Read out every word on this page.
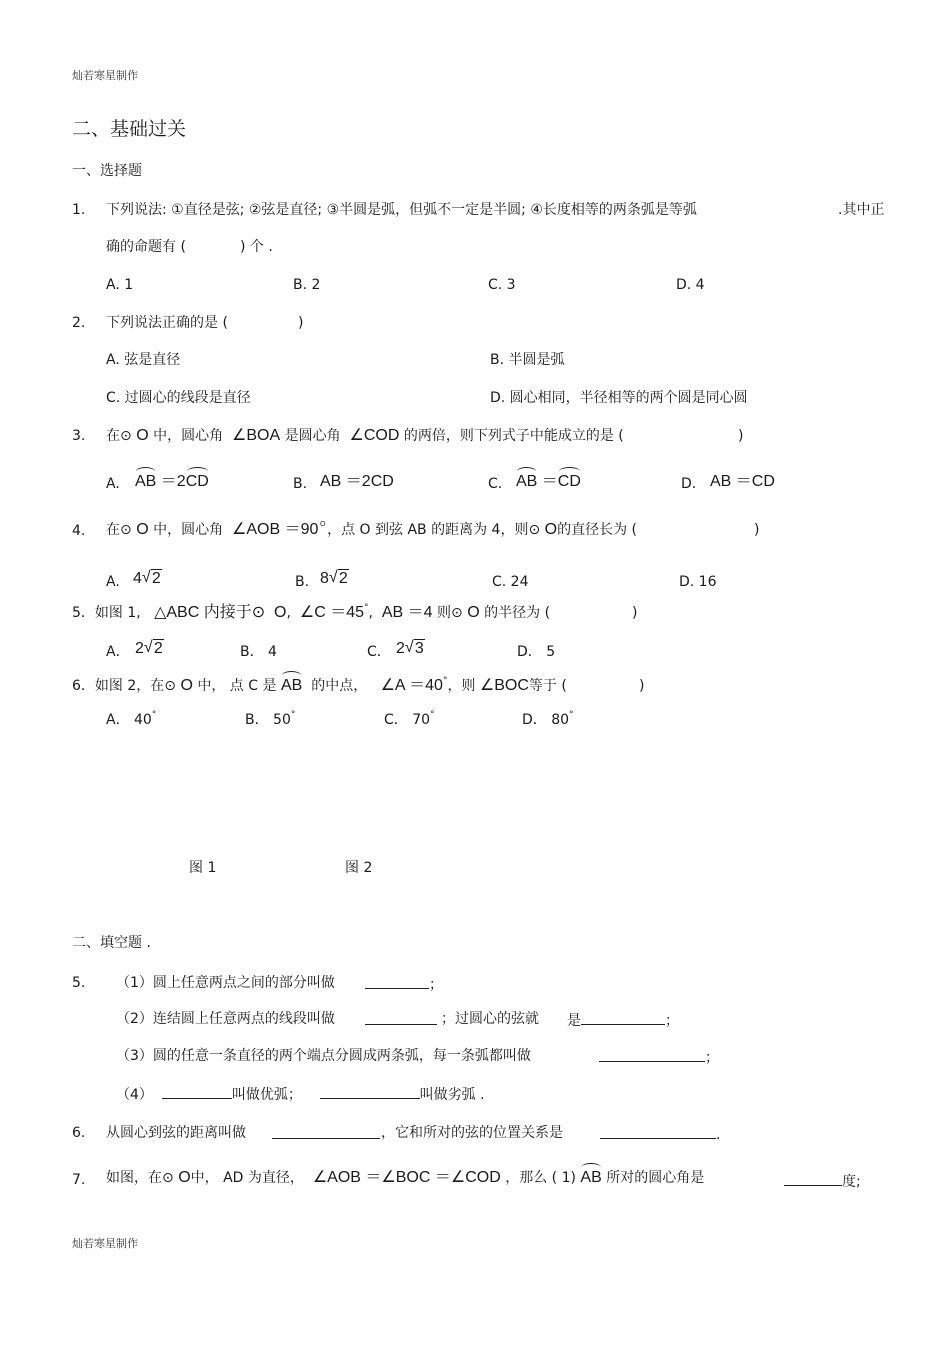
灿若寒星制作
灿若寒星制作
二、基础过关
一、选择题
1. 下列说法: ①直径是弦; ②弦是直径; ③半圆是弧，但弧不一定是半圆; ④长度相等的两条弧是等弧	.其中正
确的命题有 (	) 个 .
A. 1	B. 2	C. 3	D. 4
2. 下列说法正确的是 (	)
A. 弦是直径	B. 半圆是弧
C. 过圆心的线段是直径	D. 圆心相同，半径相等的两个圆是同心圆
3. 在⊙ O 中，圆心角 ∠BOA 是圆心角 ∠COD 的两倍，则下列式子中能成立的是 (	)
A. AB ＝2CD	B. AB ＝2CD	C. AB ＝CD	D. AB ＝CD
4. 在⊙ O 中，圆心角 ∠AOB $=90^ㅇ$，点 O 到弦 AB 的距离为 4，则⊙ O的直径长为 (	)
A. 4 √ 2	B. 8 √ 2	C. 24	D. 16
5．如图 1, △ABC 内接于⊙ O, ∠C ＝45°, AB ＝4 则⊙ O 的半径为 (	)
A． 2 √ 2	B． 4	C． 2 √ 3	D． 5
6．如图 2，在⊙ O 中， 点 C 是 AB 的中点， ∠A ＝40°，则 ∠BOC等于 (	)
A． 40°	B． 50°	C． 70°	D． 80°
图 1	图 2
二、填空题 .
5. （1）圆上任意两点之间的部分叫做	；
（2）连结圆上任意两点的线段叫做	；过圆心的弦就 是	；
（3）圆的任意一条直径的两个端点分圆成两条弧，每一条弧都叫做	；
（4）	叫做优弧；	叫做劣弧 .
6. 从圆心到弦的距离叫做	，它和所对的弦的位置关系是	.
7. 如图，在⊙ O中， AD 为直径， ∠AOB ＝∠BOC ＝∠COD ，那么 ( 1) AB 所对的圆心角是	度;
